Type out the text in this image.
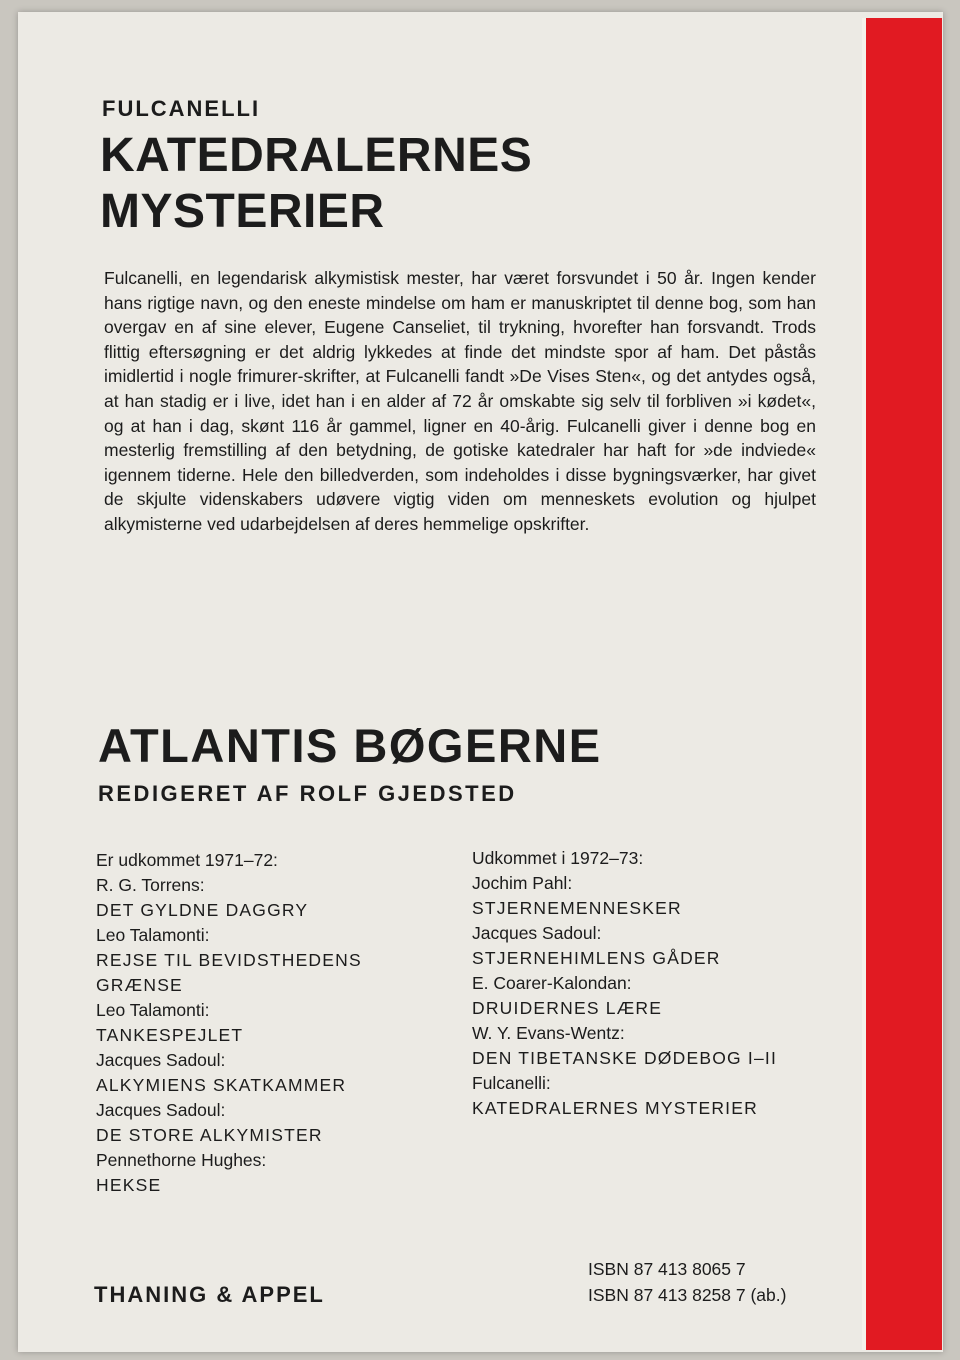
FULCANELLI
KATEDRALERNES
MYSTERIER

Fulcanelli, en legendarisk alkymistisk mester, har været forsvundet i 50 år. Ingen kender hans rigtige navn, og den eneste mindelse om ham er manuskriptet til denne bog, som han overgav en af sine elever, Eugene Canseliet, til trykning, hvorefter han forsvandt. Trods flittig eftersøgning er det aldrig lykkedes at finde det mindste spor af ham. Det påstås imidlertid i nogle frimurer-skrifter, at Fulcanelli fandt »De Vises Sten«, og det antydes også, at han stadig er i live, idet han i en alder af 72 år omskabte sig selv til forbliven »i kødet«, og at han i dag, skønt 116 år gammel, ligner en 40-årig. Fulcanelli giver i denne bog en mesterlig fremstilling af den betydning, de gotiske katedraler har haft for »de indviede« igennem tiderne. Hele den billedverden, som indeholdes i disse bygningsværker, har givet de skjulte videnskabers udøvere vigtig viden om menneskets evolution og hjulpet alkymisterne ved udarbejdelsen af deres hemmelige opskrifter.

ATLANTIS BØGERNE
REDIGERET AF ROLF GJEDSTED
Er udkommet 1971–72:
R. G. Torrens:
DET GYLDNE DAGGRY
Leo Talamonti:
REJSE TIL BEVIDSTHEDENS GRÆNSE
Leo Talamonti:
TANKESPEJLET
Jacques Sadoul:
ALKYMIENS SKATKAMMER
Jacques Sadoul:
DE STORE ALKYMISTER
Pennethorne Hughes:
HEKSE
Udkommet i 1972–73:
Jochim Pahl:
STJERNEMENNESKER
Jacques Sadoul:
STJERNEHIMLENS GÅDER
E. Coarer-Kalondan:
DRUIDERNES LÆRE
W. Y. Evans-Wentz:
DEN TIBETANSKE DØDEBOG I–II
Fulcanelli:
KATEDRALERNES MYSTERIER
THANING & APPEL
ISBN 87 413 8065 7
ISBN 87 413 8258 7 (ab.)
